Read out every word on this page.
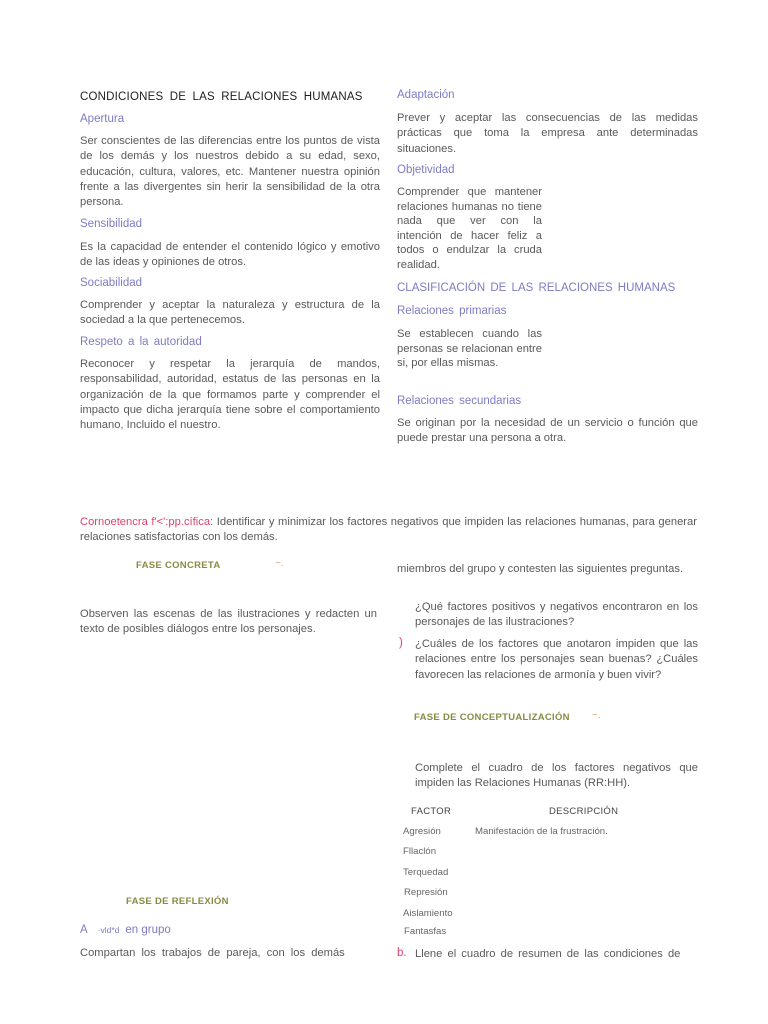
CONDICIONES DE LAS RELACIONES HUMANAS
Apertura
Ser conscientes de las diferencias entre los puntos de vista de los demás y los nuestros debido a su edad, sexo, educación, cultura, valores, etc. Mantener nuestra opinión frente a las divergentes sin herir la sensibilidad de la otra persona.
Sensibilidad
Es la capacidad de entender el contenido lógico y emotivo de las ideas y opiniones de otros.
Sociabilidad
Comprender y aceptar la naturaleza y estructura de la sociedad a la que pertenecemos.
Respeto a la autoridad
Reconocer y respetar la jerarquía de mandos, responsabilidad, autoridad, estatus de las personas en la organización de la que formamos parte y comprender el impacto que dicha jerarquía tiene sobre el comportamiento humano, Incluido el nuestro.
Adaptación
Prever y aceptar las consecuencias de las medidas prácticas que toma la empresa ante determinadas situaciones.
Objetividad
Comprender que mantener relaciones humanas no tiene nada que ver con la intención de hacer feliz a todos o endulzar la cruda realidad.
CLASIFICACIÓN DE LAS RELACIONES HUMANAS
Relaciones primarias
Se establecen cuando las personas se relacionan entre si, por ellas mismas.
Relaciones secundarias
Se originan por la necesidad de un servicio o función que puede prestar una persona a otra.
Cornoetencra f'<':pp.cífica: Identificar y minimizar los factores negativos que impiden las relaciones humanas, para generar relaciones satisfactorias con los demás.
FASE CONCRETA	~.
Observen las escenas de las ilustraciones y redacten un texto de posibles diálogos entre los personajes.
FASE DE REFLEXIÓN
A ·vld*d en grupo
Compartan los trabajos de pareja, con los demás
miembros del grupo y contesten las siguientes preguntas.
¿Qué factores positivos y negativos encontraron en los personajes de las ilustraciones?
) ¿Cuáles de los factores que anotaron impiden que las relaciones entre los personajes sean buenas? ¿Cuáles favorecen las relaciones de armonía y buen vivir?
FASE DE CONCEPTUALIZACIÓN ~.
Complete el cuadro de los factores negativos que impiden las Relaciones Humanas (RR:HH).
FACTOR	DESCRIPCIÓN
Agresión	Manifestación de la frustración.
Fllaclón
Terquedad
Represión
Aislamiento
Fantasfas
b. Llene el cuadro de resumen de las condiciones de
